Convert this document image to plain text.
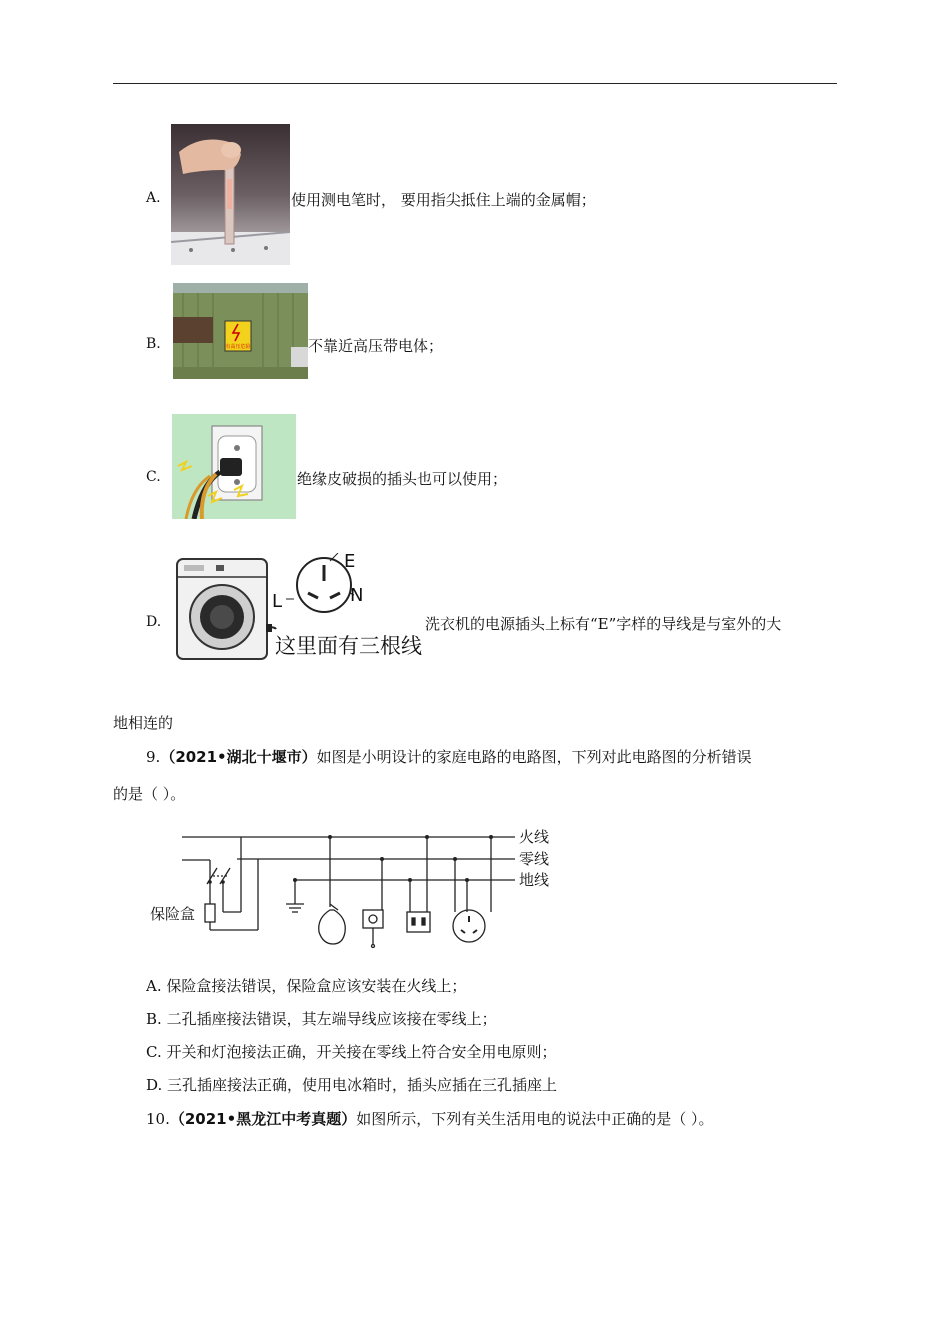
A.	使用测电笔时， 要用指尖抵住上端的金属帽；
B.	有高压危险	不靠近高压带电体；
C.	绝缘皮破损的插头也可以使用；
D.
E
L	N
这里面有三根线
洗衣机的电源插头上标有“E”字样的导线是与室外的大
地相连的
9.（2021•湖北十堰市）如图是小明设计的家庭电路的电路图，下列对此电路图的分析错误
的是（ ）。
火线
零线
地线
保险盒
A. 保险盒接法错误，保险盒应该安装在火线上；
B. 二孔插座接法错误，其左端导线应该接在零线上；
C. 开关和灯泡接法正确，开关接在零线上符合安全用电原则；
D. 三孔插座接法正确，使用电冰箱时，插头应插在三孔插座上
10.（2021•黑龙江中考真题）如图所示，下列有关生活用电的说法中正确的是（ ）。
